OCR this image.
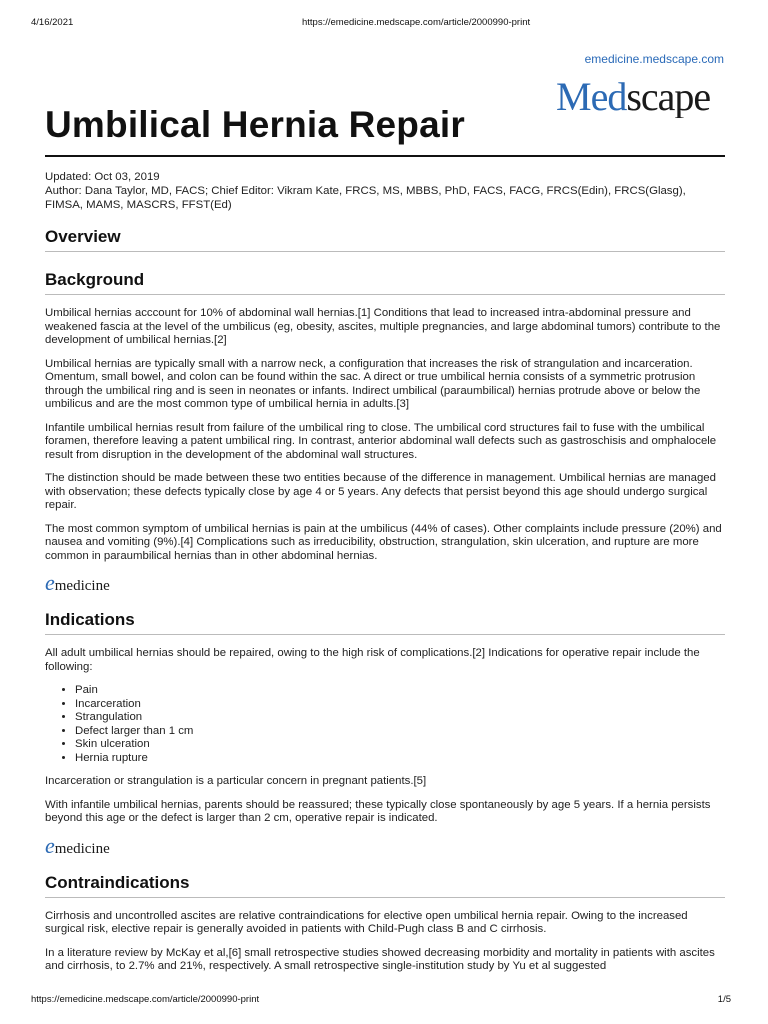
4/16/2021	https://emedicine.medscape.com/article/2000990-print
emedicine.medscape.com
Medscape
Umbilical Hernia Repair
Updated: Oct 03, 2019
Author: Dana Taylor, MD, FACS; Chief Editor: Vikram Kate, FRCS, MS, MBBS, PhD, FACS, FACG, FRCS(Edin), FRCS(Glasg), FIMSA, MAMS, MASCRS, FFST(Ed)
Overview
Background

Umbilical hernias acccount for 10% of abdominal wall hernias.[1] Conditions that lead to increased intra-abdominal pressure and weakened fascia at the level of the umbilicus (eg, obesity, ascites, multiple pregnancies, and large abdominal tumors) contribute to the development of umbilical hernias.[2]

Umbilical hernias are typically small with a narrow neck, a configuration that increases the risk of strangulation and incarceration. Omentum, small bowel, and colon can be found within the sac. A direct or true umbilical hernia consists of a symmetric protrusion through the umbilical ring and is seen in neonates or infants. Indirect umbilical (paraumbilical) hernias protrude above or below the umbilicus and are the most common type of umbilical hernia in adults.[3]

Infantile umbilical hernias result from failure of the umbilical ring to close. The umbilical cord structures fail to fuse with the umbilical foramen, therefore leaving a patent umbilical ring. In contrast, anterior abdominal wall defects such as gastroschisis and omphalocele result from disruption in the development of the abdominal wall structures.

The distinction should be made between these two entities because of the difference in management. Umbilical hernias are managed with observation; these defects typically close by age 4 or 5 years. Any defects that persist beyond this age should undergo surgical repair.

The most common symptom of umbilical hernias is pain at the umbilicus (44% of cases). Other complaints include pressure (20%) and nausea and vomiting (9%).[4] Complications such as irreducibility, obstruction, strangulation, skin ulceration, and rupture are more common in paraumbilical hernias than in other abdominal hernias.

emedicine
Indications

All adult umbilical hernias should be repaired, owing to the high risk of complications.[2] Indications for operative repair include the following:

• Pain
• Incarceration
• Strangulation
• Defect larger than 1 cm
• Skin ulceration
• Hernia rupture

Incarceration or strangulation is a particular concern in pregnant patients.[5]

With infantile umbilical hernias, parents should be reassured; these typically close spontaneously by age 5 years. If a hernia persists beyond this age or the defect is larger than 2 cm, operative repair is indicated.

emedicine
Contraindications

Cirrhosis and uncontrolled ascites are relative contraindications for elective open umbilical hernia repair. Owing to the increased surgical risk, elective repair is generally avoided in patients with Child-Pugh class B and C cirrhosis.

In a literature review by McKay et al,[6] small retrospective studies showed decreasing morbidity and mortality in patients with ascites and cirrhosis, to 2.7% and 21%, respectively. A small retrospective single-institution study by Yu et al suggested

https://emedicine.medscape.com/article/2000990-print	1/5
